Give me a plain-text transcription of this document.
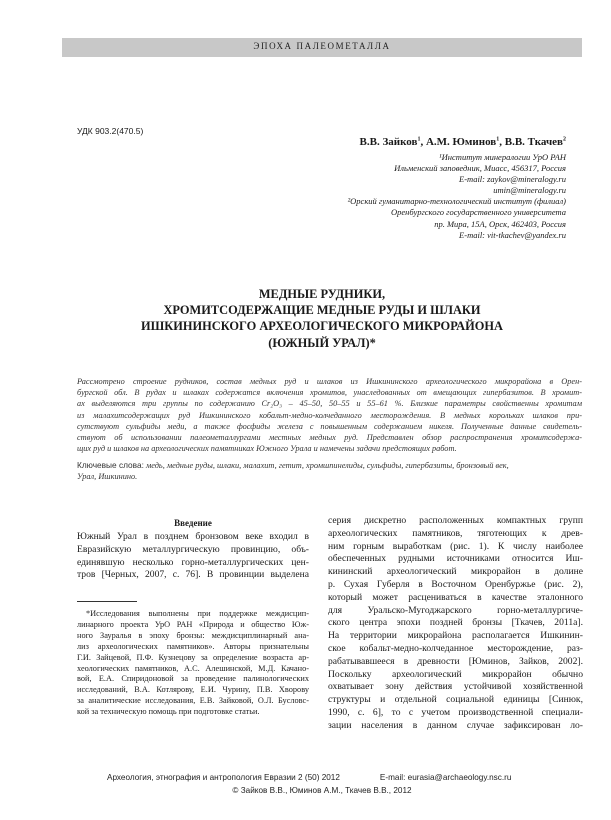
ЭПОХА ПАЛЕОМЕТАЛЛА
УДК 903.2(470.5)
В.В. Зайков$^1$, А.М. Юминов$^1$, В.В. Ткачев$^2$
¹Институт минералогии УрО РАН
Ильменский заповедник, Миасс, 456317, Россия
E-mail: zaykov@mineralogy.ru
umin@mineralogy.ru
²Орский гуманитарно-технологический институт (филиал)
Оренбургского государственного университета
пр. Мира, 15А, Орск, 462403, Россия
E-mail: vit-tkachev@yandex.ru
МЕДНЫЕ РУДНИКИ,
ХРОМИТСОДЕРЖАЩИЕ МЕДНЫЕ РУДЫ И ШЛАКИ
ИШКИНИНСКОГО АРХЕОЛОГИЧЕСКОГО МИКРОРАЙОНА
(ЮЖНЫЙ УРАЛ)*
Рассмотрено строение рудников, состав медных руд и шлаков из Ишкининского археологического микрорайона в Орен-
бургской обл. В рудах и шлаках содержатся включения хромитов, унаследованных от вмещающих гипербазитов. В хромит-
ах выделяются три группы по содержанию Cr₂O₃ – 45–50, 50–55 и 55–61 %. Близкие параметры свойственны хромитам
из малахитсодержащих руд Ишкининского кобальт-медно-колчеданного месторождения. В медных корольках шлаков при-
сутствуют сульфиды меди, а также фосфиды железа с повышенным содержанием никеля. Полученные данные свидетель-
ствуют об использовании палеометаллургами местных медных руд. Представлен обзор распространения хромитсодержа-
щих руд и шлаков на археологических памятниках Южного Урала и намечены задачи предстоящих работ.
Ключевые слова: медь, медные руды, шлаки, малахит, гетит, хромшпинелиды, сульфиды, гипербазиты, бронзовый век,
Урал, Ишкинино.
Введение
Южный Урал в позднем бронзовом веке входил в
Евразийскую металлургическую провинцию, объ-
единявшую несколько горно-металлургических цен-
тров [Черных, 2007, с. 76]. В провинции выделена
*Исследования выполнены при поддержке междисцип-
линарного проекта УрО РАН «Природа и общество Юж-
ного Зауралья в эпоху бронзы: междисциплинарный ана-
лиз археологических памятников». Авторы признательны
Г.И. Зайцевой, П.Ф. Кузнецову за определение возраста ар-
хеологических памятников, А.С. Алешинской, М.Д. Качано-
вой, Е.А. Спиридоновой за проведение палинологических
исследований, В.А. Котлярову, Е.И. Чурину, П.В. Хворову
за аналитические исследования, Е.В. Зайковой, О.Л. Бусловс-
кой за техническую помощь при подготовке статьи.
серия дискретно расположенных компактных групп
археологических памятников, тяготеющих к древ-
ним горным выработкам (рис. 1). К числу наиболее
обеспеченных рудными источниками относится Иш-
кининский археологический микрорайон в долине
р. Сухая Губерля в Восточном Оренбуржье (рис. 2),
который может расцениваться в качестве эталонного
для Уральско-Мугоджарского горно-металлургиче-
ского центра эпохи поздней бронзы [Ткачев, 2011а].
На территории микрорайона располагается Ишкинин-
ское кобальт-медно-колчеданное месторождение, раз-
рабатывавшееся в древности [Юминов, Зайков, 2002].
Поскольку археологический микрорайон обычно
охватывает зону действия устойчивой хозяйственной
структуры и отдельной социальной единицы [Синюк,
1990, с. 6], то с учетом производственной специали-
зации населения в данном случае зафиксирован ло-
Археология, этнография и антропология Евразии 2 (50) 2012	E-mail: eurasia@archaeology.nsc.ru
© Зайков В.В., Юминов А.М., Ткачев В.В., 2012
